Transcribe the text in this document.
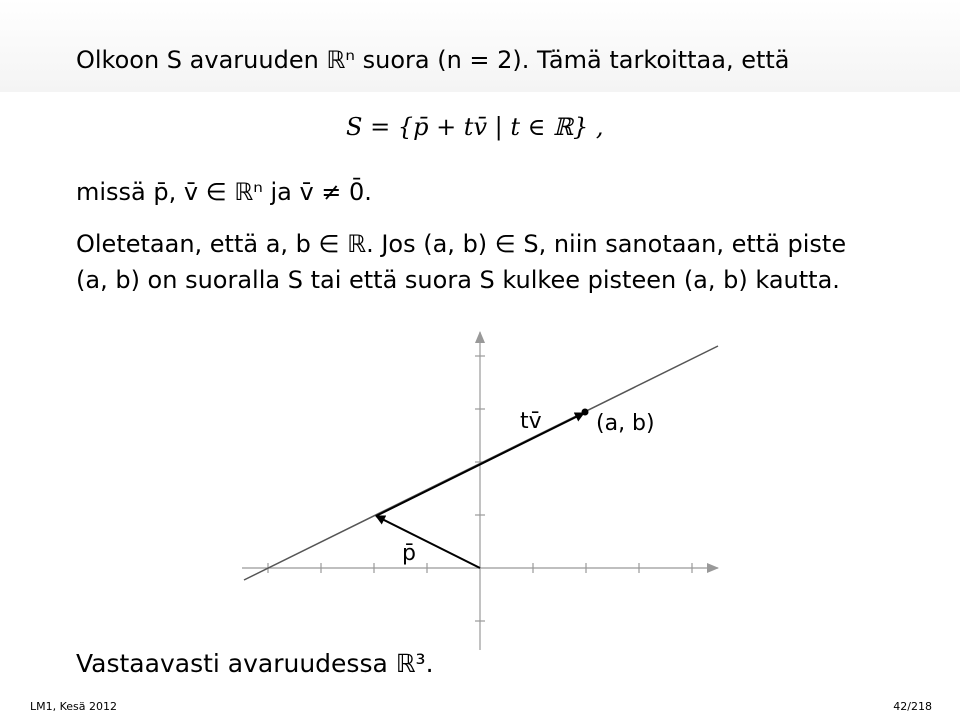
Olkoon S avaruuden ℝⁿ suora (n = 2). Tämä tarkoittaa, että
S = {p̄ + tv̄ | t ∈ ℝ} ,
missä p̄, v̄ ∈ ℝⁿ ja v̄ ≠ 0̄.
Oletetaan, että a, b ∈ ℝ. Jos (a, b) ∈ S, niin sanotaan, että piste
(a, b) on suoralla S tai että suora S kulkee pisteen (a, b) kautta.
tv̄ (a, b)
p̄
Vastaavasti avaruudessa ℝ³.
LM1, Kesä 2012	42/218
